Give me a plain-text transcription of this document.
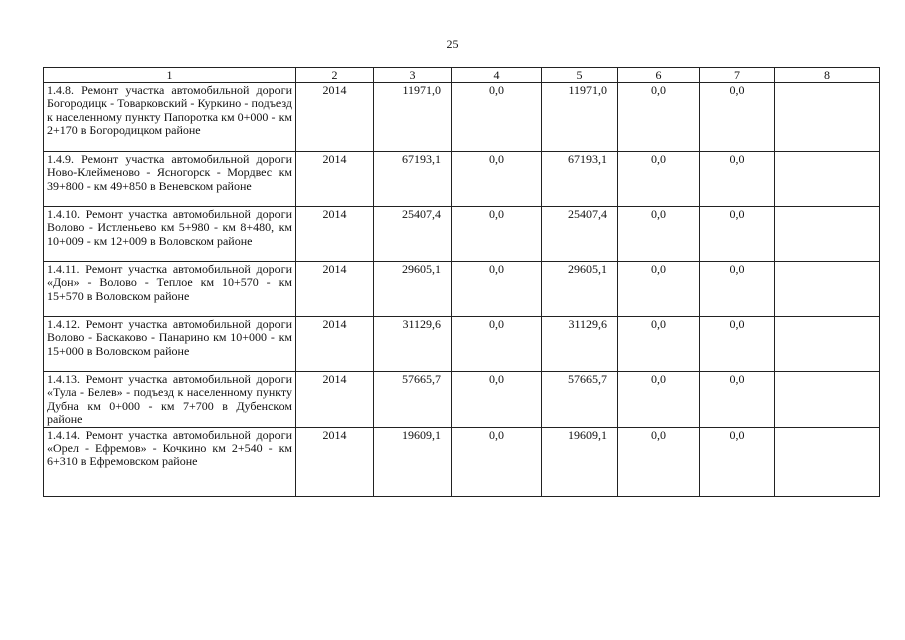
25
1	2	3	4	5	6	7	8
1.4.8. Ремонт участка автомобильной дороги Богородицк - Товарковский - Куркино - подъезд к населенному пункту Папоротка км 0+000 - км 2+170 в Богородицком районе	2014	11971,0	0,0	11971,0	0,0	0,0	
1.4.9. Ремонт участка автомобильной дороги Ново-Клейменово - Ясногорск - Мордвес км 39+800 - км 49+850 в Веневском районе	2014	67193,1	0,0	67193,1	0,0	0,0	
1.4.10. Ремонт участка автомобильной дороги Волово - Истленьево км 5+980 - км 8+480, км 10+009 - км 12+009 в Воловском районе	2014	25407,4	0,0	25407,4	0,0	0,0	
1.4.11. Ремонт участка автомобильной дороги «Дон» - Волово - Теплое км 10+570 - км 15+570 в Воловском районе	2014	29605,1	0,0	29605,1	0,0	0,0	
1.4.12. Ремонт участка автомобильной дороги Волово - Баскаково - Панарино км 10+000 - км 15+000 в Воловском районе	2014	31129,6	0,0	31129,6	0,0	0,0	
1.4.13. Ремонт участка автомобильной дороги «Тула - Белев» - подъезд к населенному пункту Дубна км 0+000 - км 7+700 в Дубенском районе	2014	57665,7	0,0	57665,7	0,0	0,0	
1.4.14. Ремонт участка автомобильной дороги «Орел - Ефремов» - Кочкино км 2+540 - км 6+310 в Ефремовском районе	2014	19609,1	0,0	19609,1	0,0	0,0	
